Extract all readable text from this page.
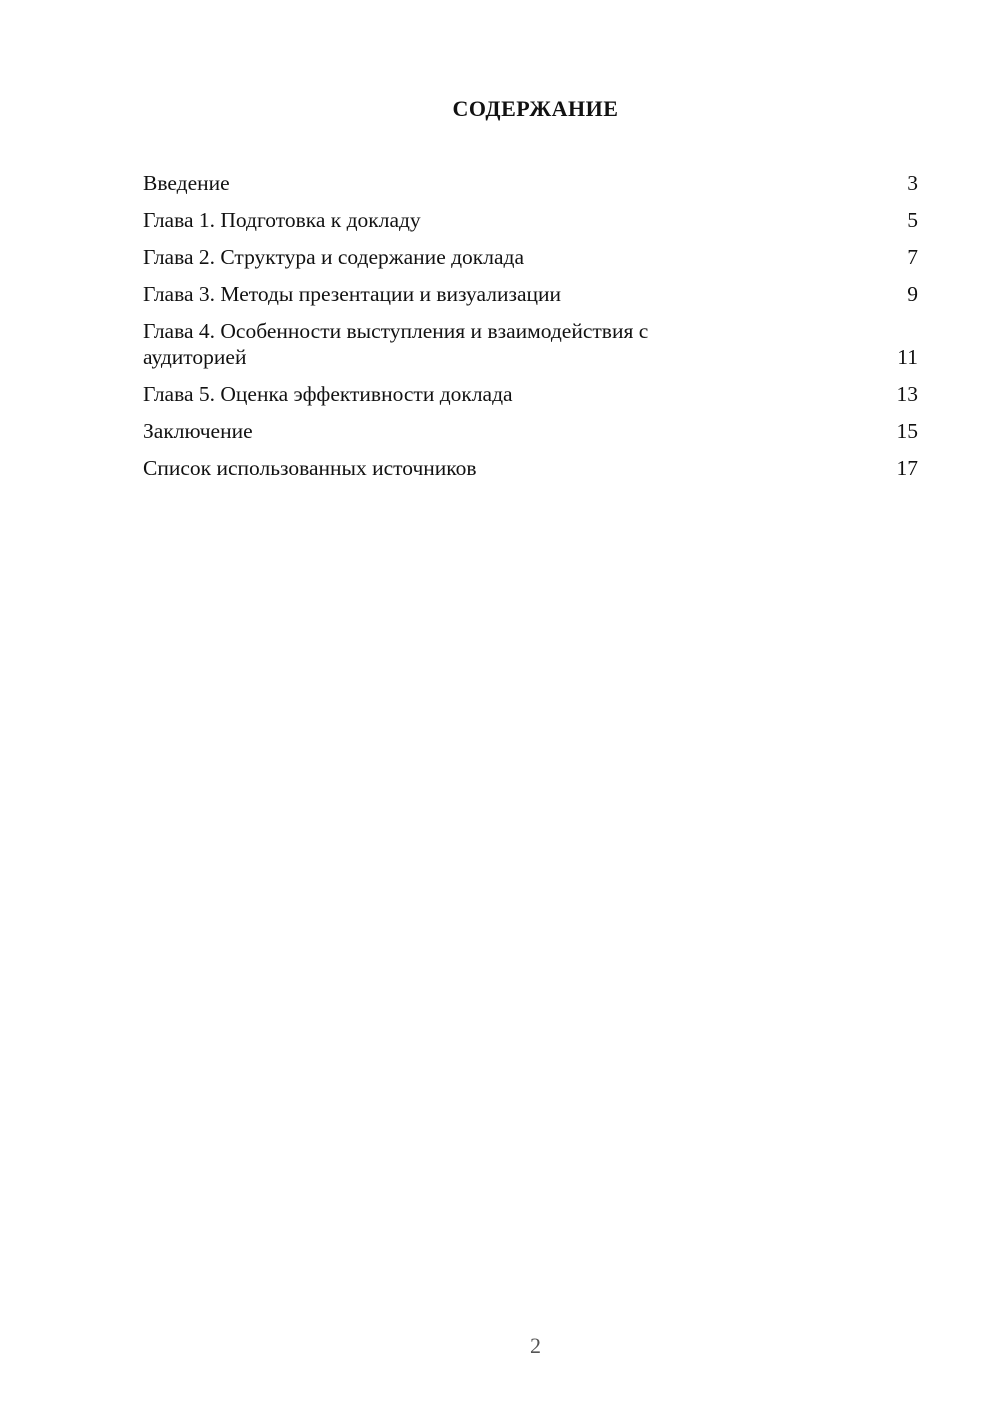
СОДЕРЖАНИЕ
Введение	3
Глава 1. Подготовка к докладу	5
Глава 2. Структура и содержание доклада	7
Глава 3. Методы презентации и визуализации	9
Глава 4. Особенности выступления и взаимодействия с аудиторией	11
Глава 5. Оценка эффективности доклада	13
Заключение	15
Список использованных источников	17
2
